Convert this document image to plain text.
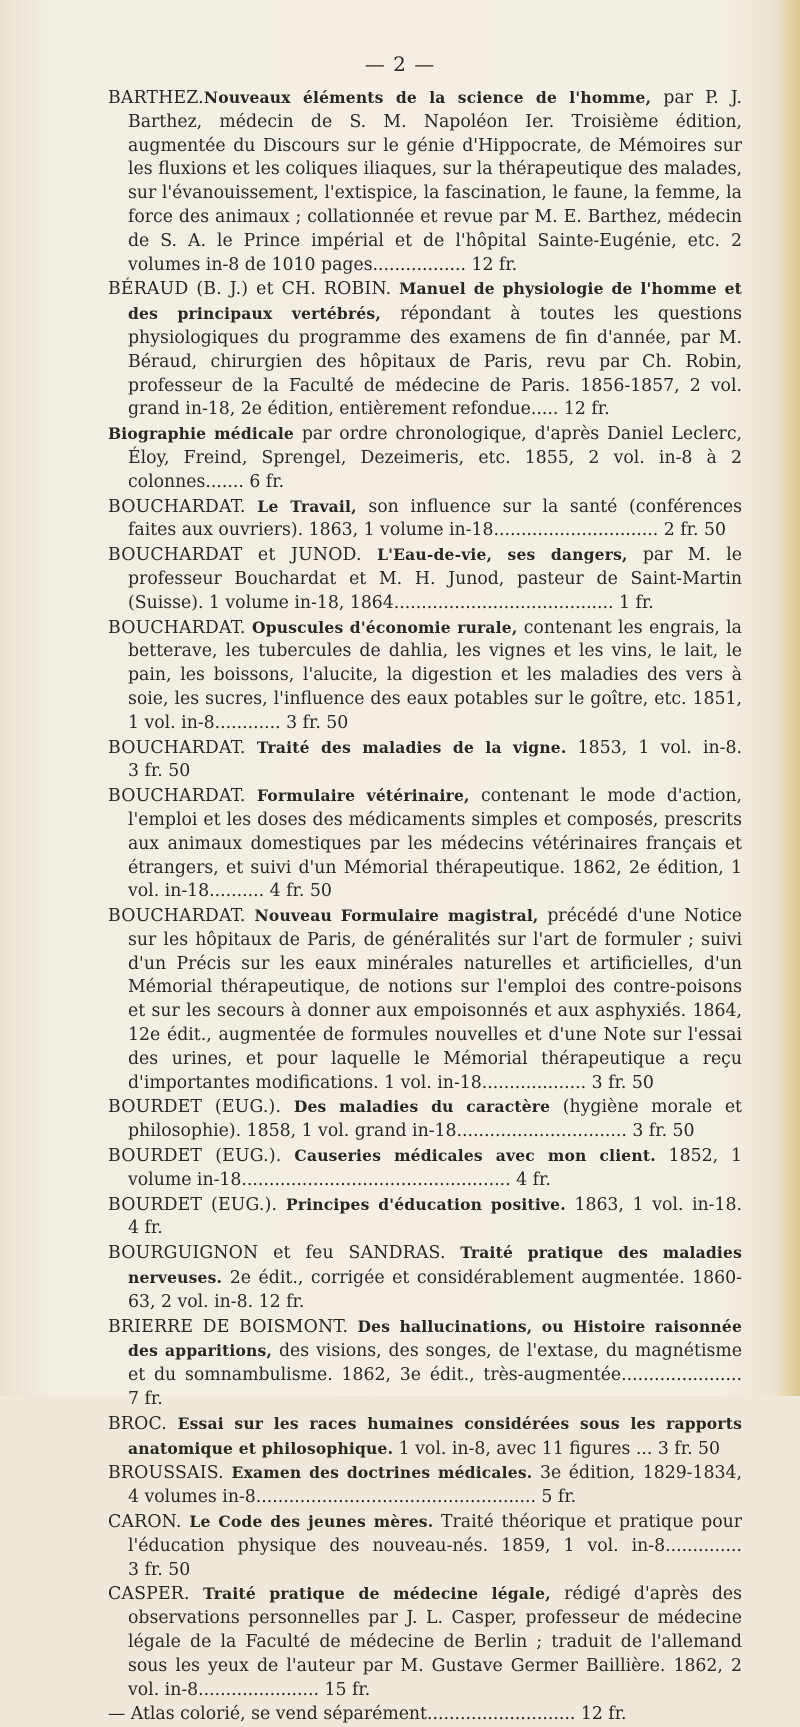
— 2 —

BARTHEZ.Nouveaux éléments de la science de l'homme, par P. J. Barthez, médecin de S. M. Napoléon Ier. Troisième édition, augmentée du Discours sur le génie d'Hippocrate, de Mémoires sur les fluxions et les coliques iliaques, sur la thérapeutique des malades, sur l'évanouissement, l'extispice, la fascination, le faune, la femme, la force des animaux ; collationnée et revue par M. E. Barthez, médecin de S. A. le Prince impérial et de l'hôpital Sainte-Eugénie, etc. 2 volumes in-8 de 1010 pages................. 12 fr.

BÉRAUD (B. J.) et CH. ROBIN. Manuel de physiologie de l'homme et des principaux vertébrés, répondant à toutes les questions physiologiques du programme des examens de fin d'année, par M. Béraud, chirurgien des hôpitaux de Paris, revu par Ch. Robin, professeur de la Faculté de médecine de Paris. 1856-1857, 2 vol. grand in-18, 2e édition, entièrement refondue..... 12 fr.

Biographie médicale par ordre chronologique, d'après Daniel Leclerc, Éloy, Freind, Sprengel, Dezeimeris, etc. 1855, 2 vol. in-8 à 2 colonnes....... 6 fr.

BOUCHARDAT. Le Travail, son influence sur la santé (conférences faites aux ouvriers). 1863, 1 volume in-18.............................. 2 fr. 50

BOUCHARDAT et JUNOD. L'Eau-de-vie, ses dangers, par M. le professeur Bouchardat et M. H. Junod, pasteur de Saint-Martin (Suisse). 1 volume in-18, 1864........................................ 1 fr.

BOUCHARDAT. Opuscules d'économie rurale, contenant les engrais, la betterave, les tubercules de dahlia, les vignes et les vins, le lait, le pain, les boissons, l'alucite, la digestion et les maladies des vers à soie, les sucres, l'influence des eaux potables sur le goître, etc. 1851, 1 vol. in-8............ 3 fr. 50

BOUCHARDAT. Traité des maladies de la vigne. 1853, 1 vol. in-8. 3 fr. 50

BOUCHARDAT. Formulaire vétérinaire, contenant le mode d'action, l'emploi et les doses des médicaments simples et composés, prescrits aux animaux domestiques par les médecins vétérinaires français et étrangers, et suivi d'un Mémorial thérapeutique. 1862, 2e édition, 1 vol. in-18.......... 4 fr. 50

BOUCHARDAT. Nouveau Formulaire magistral, précédé d'une Notice sur les hôpitaux de Paris, de généralités sur l'art de formuler ; suivi d'un Précis sur les eaux minérales naturelles et artificielles, d'un Mémorial thérapeutique, de notions sur l'emploi des contre-poisons et sur les secours à donner aux empoisonnés et aux asphyxiés. 1864, 12e édit., augmentée de formules nouvelles et d'une Note sur l'essai des urines, et pour laquelle le Mémorial thérapeutique a reçu d'importantes modifications. 1 vol. in-18................... 3 fr. 50

BOURDET (EUG.). Des maladies du caractère (hygiène morale et philosophie). 1858, 1 vol. grand in-18............................... 3 fr. 50

BOURDET (EUG.). Causeries médicales avec mon client. 1852, 1 volume in-18................................................. 4 fr.

BOURDET (EUG.). Principes d'éducation positive. 1863, 1 vol. in-18. 4 fr.

BOURGUIGNON et feu SANDRAS. Traité pratique des maladies nerveuses. 2e édit., corrigée et considérablement augmentée. 1860-63, 2 vol. in-8. 12 fr.

BRIERRE DE BOISMONT. Des hallucinations, ou Histoire raisonnée des apparitions, des visions, des songes, de l'extase, du magnétisme et du somnambulisme. 1862, 3e édit., très-augmentée...................... 7 fr.

BROC. Essai sur les races humaines considérées sous les rapports anatomique et philosophique. 1 vol. in-8, avec 11 figures ... 3 fr. 50

BROUSSAIS. Examen des doctrines médicales. 3e édition, 1829-1834, 4 volumes in-8................................................... 5 fr.

CARON. Le Code des jeunes mères. Traité théorique et pratique pour l'éducation physique des nouveau-nés. 1859, 1 vol. in-8.............. 3 fr. 50

CASPER. Traité pratique de médecine légale, rédigé d'après des observations personnelles par J. L. Casper, professeur de médecine légale de la Faculté de médecine de Berlin ; traduit de l'allemand sous les yeux de l'auteur par M. Gustave Germer Baillière. 1862, 2 vol. in-8...................... 15 fr.

— Atlas colorié, se vend séparément........................... 12 fr.
